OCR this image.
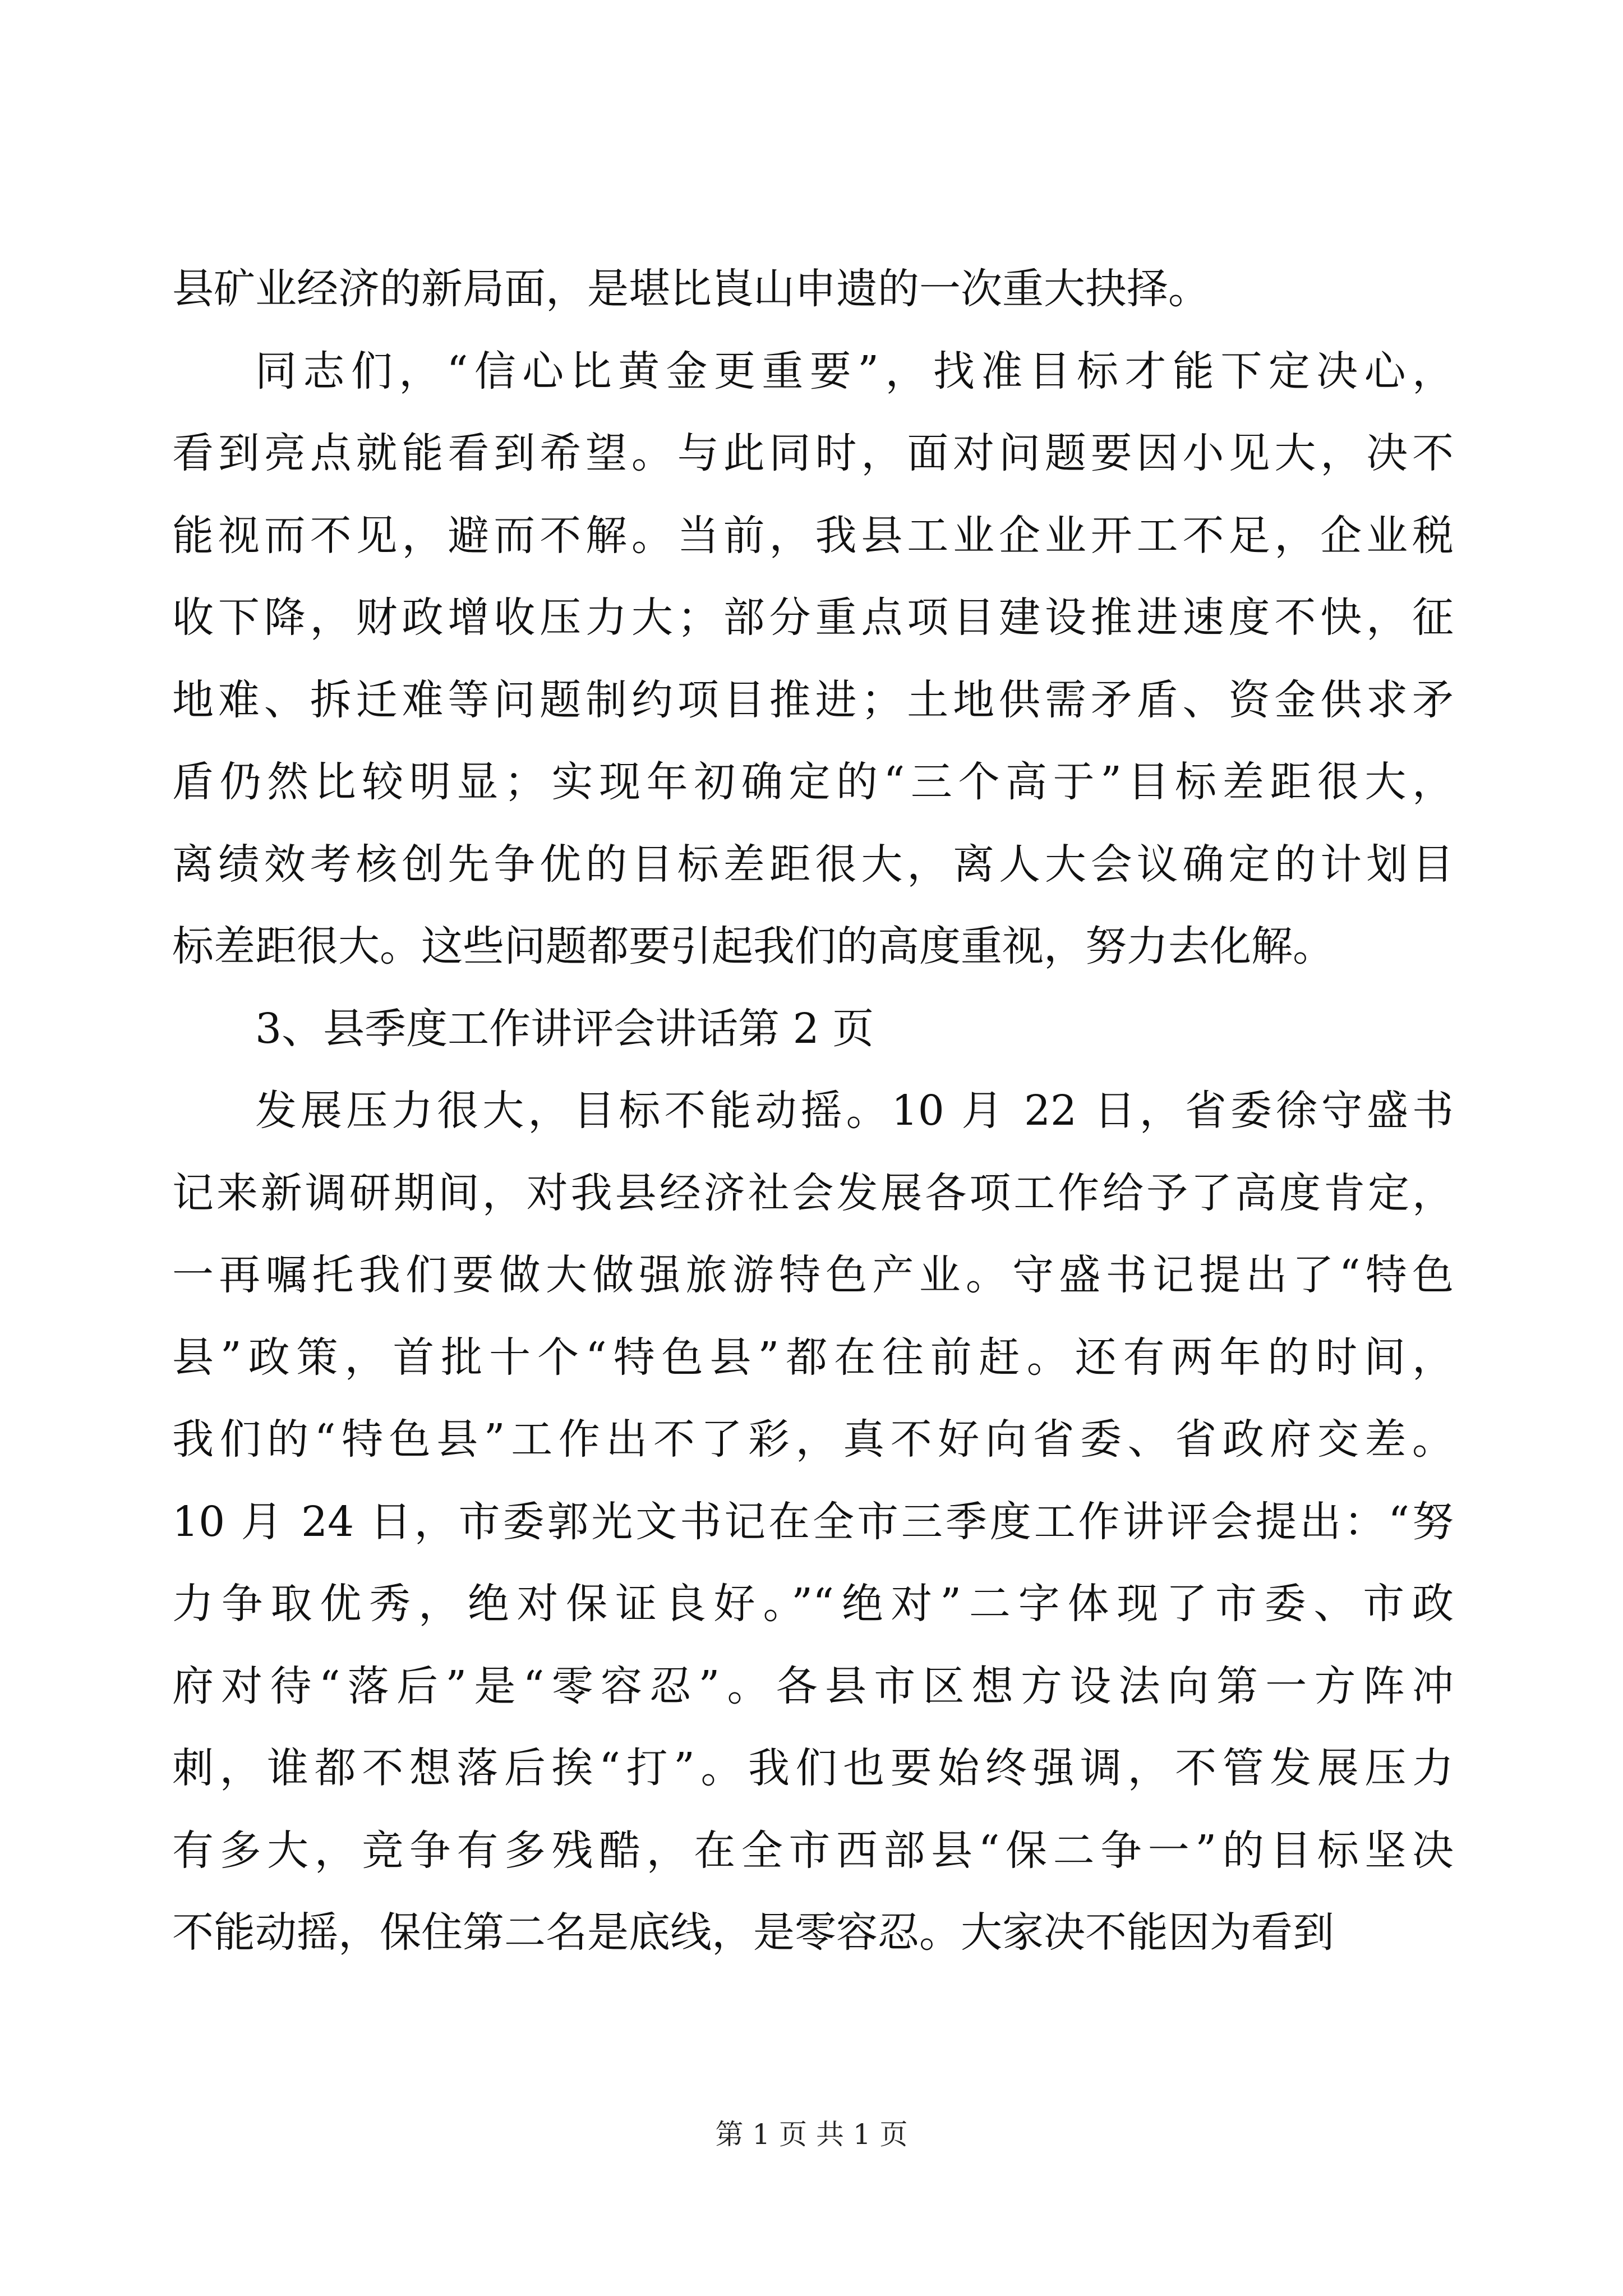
县矿业经济的新局面，是堪比崀山申遗的一次重大抉择。

同志们，“信心比黄金更重要”，找准目标才能下定决心，
看到亮点就能看到希望。与此同时，面对问题要因小见大，决不
能视而不见，避而不解。当前，我县工业企业开工不足，企业税
收下降，财政增收压力大；部分重点项目建设推进速度不快，征
地难、拆迁难等问题制约项目推进；土地供需矛盾、资金供求矛
盾仍然比较明显；实现年初确定的“三个高于”目标差距很大，
离绩效考核创先争优的目标差距很大，离人大会议确定的计划目
标差距很大。这些问题都要引起我们的高度重视，努力去化解。

3、县季度工作讲评会讲话第 2 页

发展压力很大，目标不能动摇。10 月 22 日，省委徐守盛书
记来新调研期间，对我县经济社会发展各项工作给予了高度肯定，
一再嘱托我们要做大做强旅游特色产业。守盛书记提出了“特色
县”政策，首批十个“特色县”都在往前赶。还有两年的时间，
我们的“特色县”工作出不了彩，真不好向省委、省政府交差。
10 月 24 日，市委郭光文书记在全市三季度工作讲评会提出：“努
力争取优秀，绝对保证良好。”“绝对”二字体现了市委、市政
府对待“落后”是“零容忍”。各县市区想方设法向第一方阵冲
刺，谁都不想落后挨“打”。我们也要始终强调，不管发展压力
有多大，竞争有多残酷，在全市西部县“保二争一”的目标坚决
不能动摇，保住第二名是底线，是零容忍。大家决不能因为看到

第 1 页 共 1 页
